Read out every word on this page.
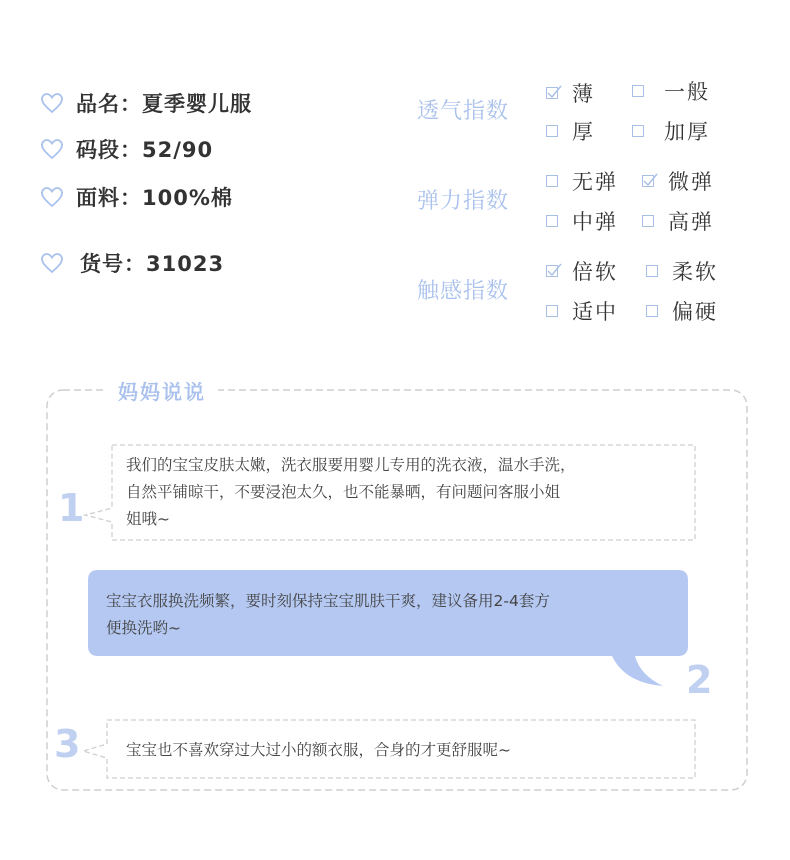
品名：夏季婴儿服
码段：52/90
面料：100%棉
货号：31023
透气指数
弹力指数
触感指数
薄	一般
厚	加厚
无弹 微弹
中弹 高弹
倍软	柔软
适中	偏硬
妈妈说说
1
我们的宝宝皮肤太嫩，洗衣服要用婴儿专用的洗衣液，温水手洗，
自然平铺晾干，不要浸泡太久，也不能暴晒，有问题问客服小姐
姐哦~
宝宝衣服换洗频繁，要时刻保持宝宝肌肤干爽，建议备用2-4套方
便换洗哟~
2
3	宝宝也不喜欢穿过大过小的额衣服，合身的才更舒服呢~
